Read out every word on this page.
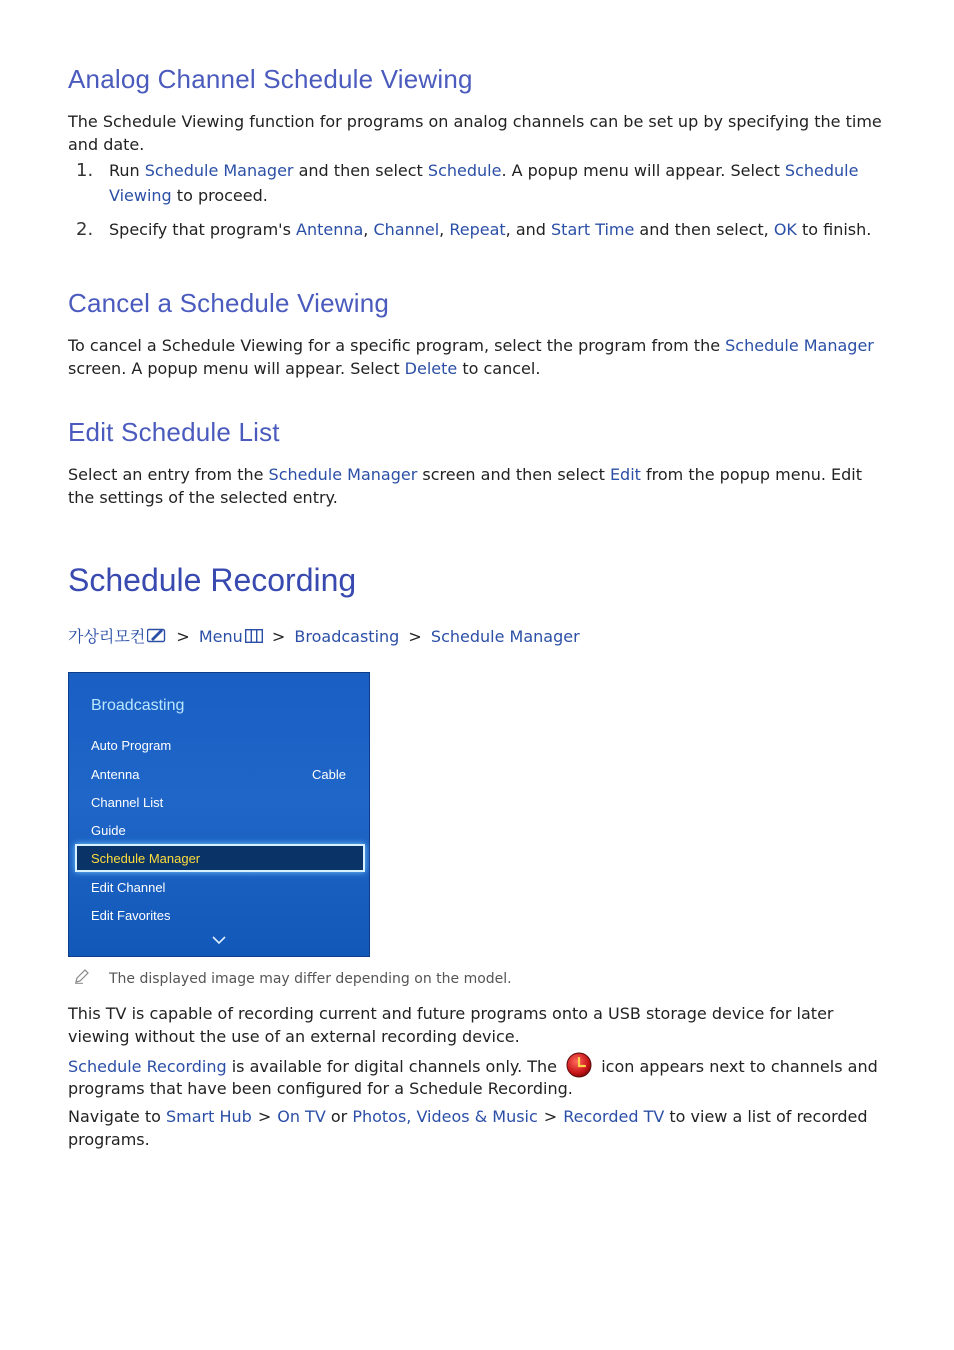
Analog Channel Schedule Viewing

The Schedule Viewing function for programs on analog channels can be set up by specifying the time and date.

1. Run Schedule Manager and then select Schedule. A popup menu will appear. Select Schedule Viewing to proceed.
2. Specify that program's Antenna, Channel, Repeat, and Start Time and then select, OK to finish.
Cancel a Schedule Viewing

To cancel a Schedule Viewing for a specific program, select the program from the Schedule Manager screen. A popup menu will appear. Select Delete to cancel.

Edit Schedule List

Select an entry from the Schedule Manager screen and then select Edit from the popup menu. Edit the settings of the selected entry.

Schedule Recording
가상리모컨 > Menu > Broadcasting > Schedule Manager
Broadcasting
Auto Program
Antenna	Cable
Channel List
Guide
Schedule Manager
Edit Channel
Edit Favorites
The displayed image may differ depending on the model.

This TV is capable of recording current and future programs onto a USB storage device for later viewing without the use of an external recording device.

Schedule Recording is available for digital channels only. The  icon appears next to channels and programs that have been configured for a Schedule Recording.

Navigate to Smart Hub > On TV or Photos, Videos & Music > Recorded TV to view a list of recorded programs.
